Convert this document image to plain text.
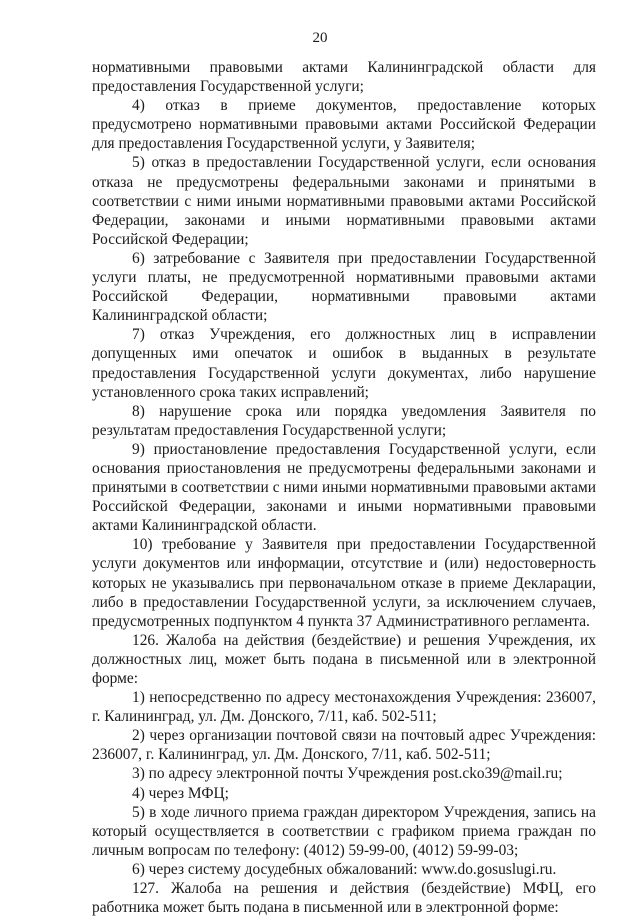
20

нормативными правовыми актами Калининградской области для предоставления Государственной услуги;

4) отказ в приеме документов, предоставление которых предусмотрено нормативными правовыми актами Российской Федерации для предоставления Государственной услуги, у Заявителя;

5) отказ в предоставлении Государственной услуги, если основания отказа не предусмотрены федеральными законами и принятыми в соответствии с ними иными нормативными правовыми актами Российской Федерации, законами и иными нормативными правовыми актами Российской Федерации;

6) затребование с Заявителя при предоставлении Государственной услуги платы, не предусмотренной нормативными правовыми актами Российской Федерации, нормативными правовыми актами Калининградской области;

7) отказ Учреждения, его должностных лиц в исправлении допущенных ими опечаток и ошибок в выданных в результате предоставления Государственной услуги документах, либо нарушение установленного срока таких исправлений;

8) нарушение срока или порядка уведомления Заявителя по результатам предоставления Государственной услуги;

9) приостановление предоставления Государственной услуги, если основания приостановления не предусмотрены федеральными законами и принятыми в соответствии с ними иными нормативными правовыми актами Российской Федерации, законами и иными нормативными правовыми актами Калининградской области.

10) требование у Заявителя при предоставлении Государственной услуги документов или информации, отсутствие и (или) недостоверность которых не указывались при первоначальном отказе в приеме Декларации, либо в предоставлении Государственной услуги, за исключением случаев, предусмотренных подпунктом 4 пункта 37 Административного регламента.

126. Жалоба на действия (бездействие) и решения Учреждения, их должностных лиц, может быть подана в письменной или в электронной форме:

1) непосредственно по адресу местонахождения Учреждения: 236007, г. Калининград, ул. Дм. Донского, 7/11, каб. 502-511;

2) через организации почтовой связи на почтовый адрес Учреждения: 236007, г. Калининград, ул. Дм. Донского, 7/11, каб. 502-511;

3) по адресу электронной почты Учреждения post.cko39@mail.ru;

4) через МФЦ;

5) в ходе личного приема граждан директором Учреждения, запись на который осуществляется в соответствии с графиком приема граждан по личным вопросам по телефону: (4012) 59-99-00, (4012) 59-99-03;

6) через систему досудебных обжалований: www.do.gosuslugi.ru.

127. Жалоба на решения и действия (бездействие) МФЦ, его работника может быть подана в письменной или в электронной форме:
